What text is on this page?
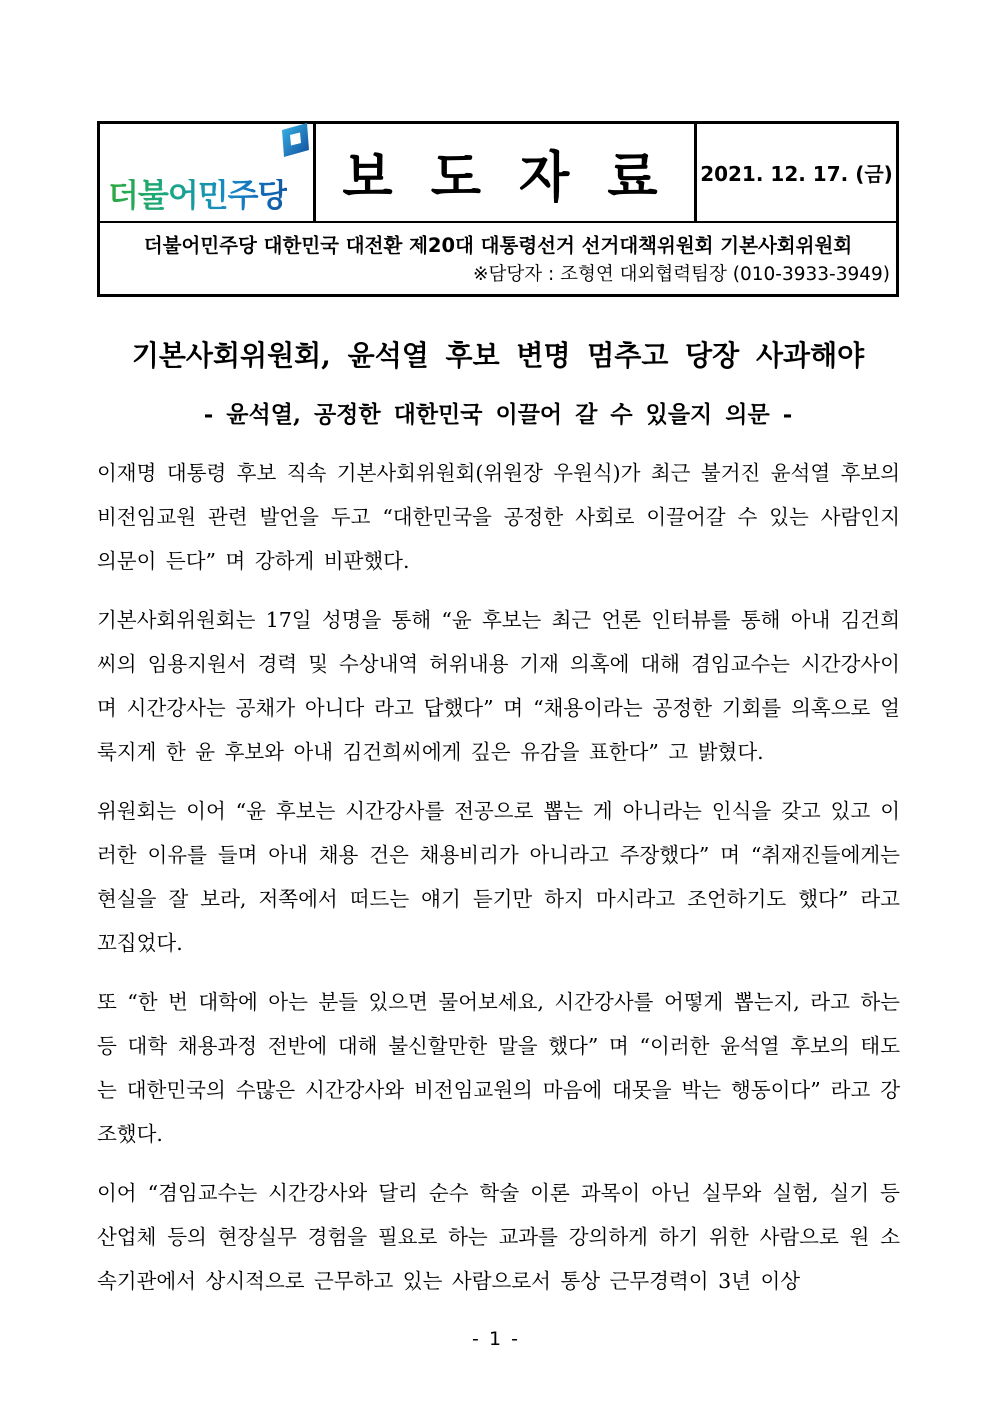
더불어민주당	보 도 자 료 2021. 12. 17. (금)
더불어민주당 대한민국 대전환 제20대 대통령선거 선거대책위원회 기본사회위원회
※담당자 : 조형연 대외협력팀장 (010-3933-3949)
기본사회위원회, 윤석열 후보 변명 멈추고 당장 사과해야
- 윤석열, 공정한 대한민국 이끌어 갈 수 있을지 의문 -

이재명 대통령 후보 직속 기본사회위원회(위원장 우원식)가 최근 불거진 윤석열 후보의 비전임교원 관련 발언을 두고 “대한민국을 공정한 사회로 이끌어갈 수 있는 사람인지 의문이 든다” 며 강하게 비판했다.

기본사회위원회는 17일 성명을 통해 “윤 후보는 최근 언론 인터뷰를 통해 아내 김건희씨의 임용지원서 경력 및 수상내역 허위내용 기재 의혹에 대해 겸임교수는 시간강사이며 시간강사는 공채가 아니다 라고 답했다” 며 “채용이라는 공정한 기회를 의혹으로 얼룩지게 한 윤 후보와 아내 김건희씨에게 깊은 유감을 표한다” 고 밝혔다.

위원회는 이어 “윤 후보는 시간강사를 전공으로 뽑는 게 아니라는 인식을 갖고 있고 이러한 이유를 들며 아내 채용 건은 채용비리가 아니라고 주장했다” 며 “취재진들에게는 현실을 잘 보라, 저쪽에서 떠드는 얘기 듣기만 하지 마시라고 조언하기도 했다” 라고 꼬집었다.

또 “한 번 대학에 아는 분들 있으면 물어보세요, 시간강사를 어떻게 뽑는지, 라고 하는 등 대학 채용과정 전반에 대해 불신할만한 말을 했다” 며 “이러한 윤석열 후보의 태도는 대한민국의 수많은 시간강사와 비전임교원의 마음에 대못을 박는 행동이다” 라고 강조했다.

이어 “겸임교수는 시간강사와 달리 순수 학술 이론 과목이 아닌 실무와 실험, 실기 등 산업체 등의 현장실무 경험을 필요로 하는 교과를 강의하게 하기 위한 사람으로 원 소속기관에서 상시적으로 근무하고 있는 사람으로서 통상 근무경력이 3년 이상

- 1 -
